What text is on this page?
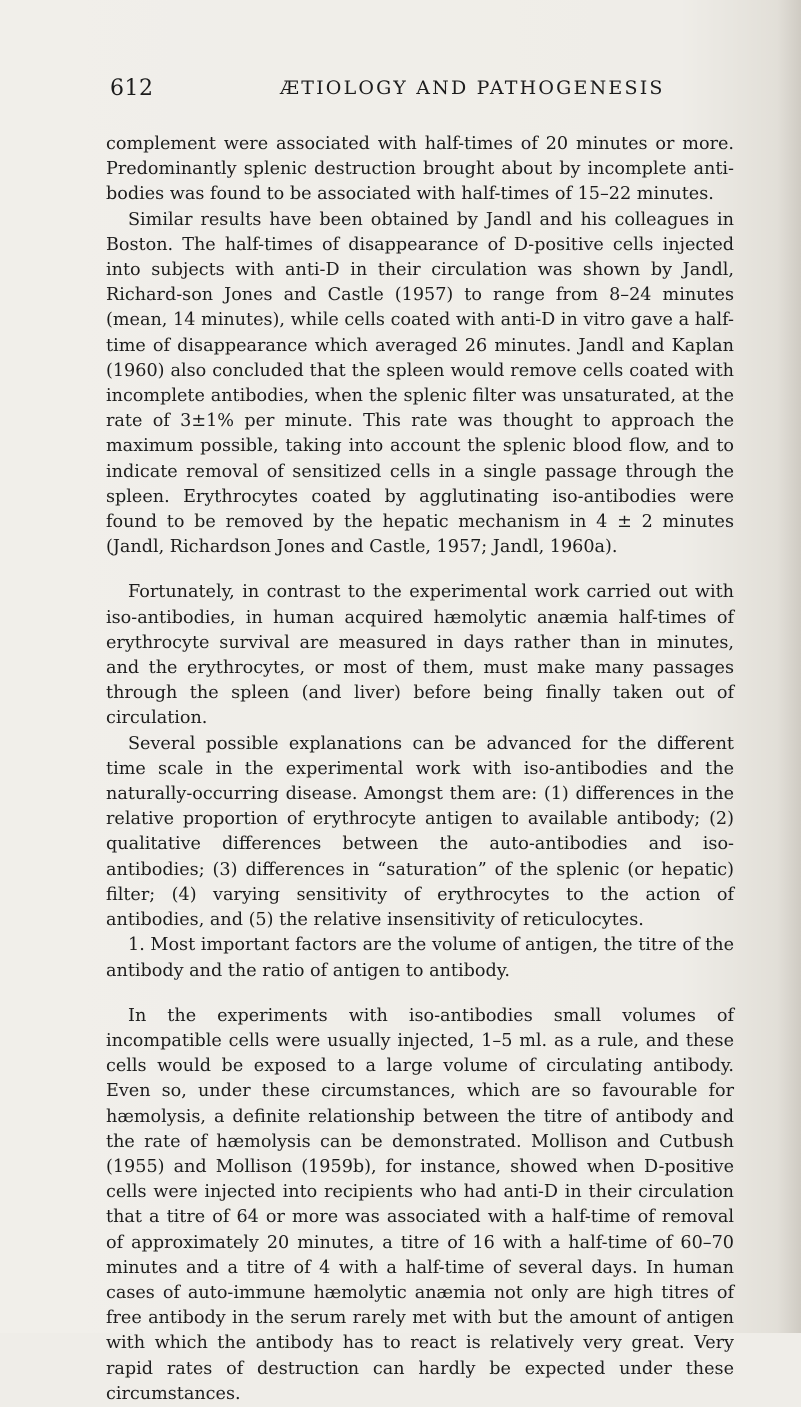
612	ÆTIOLOGY AND PATHOGENESIS

complement were associated with half-times of 20 minutes or more. Predominantly splenic destruction brought about by incomplete anti-bodies was found to be associated with half-times of 15–22 minutes.

Similar results have been obtained by Jandl and his colleagues in Boston. The half-times of disappearance of D-positive cells injected into subjects with anti-D in their circulation was shown by Jandl, Richard-son Jones and Castle (1957) to range from 8–24 minutes (mean, 14 minutes), while cells coated with anti-D in vitro gave a half-time of disappearance which averaged 26 minutes. Jandl and Kaplan (1960) also concluded that the spleen would remove cells coated with incomplete antibodies, when the splenic filter was unsaturated, at the rate of 3±1% per minute. This rate was thought to approach the maximum possible, taking into account the splenic blood flow, and to indicate removal of sensitized cells in a single passage through the spleen. Erythrocytes coated by agglutinating iso-antibodies were found to be removed by the hepatic mechanism in 4 ± 2 minutes (Jandl, Richardson Jones and Castle, 1957; Jandl, 1960a).

Fortunately, in contrast to the experimental work carried out with iso-antibodies, in human acquired hæmolytic anæmia half-times of erythrocyte survival are measured in days rather than in minutes, and the erythrocytes, or most of them, must make many passages through the spleen (and liver) before being finally taken out of circulation.

Several possible explanations can be advanced for the different time scale in the experimental work with iso-antibodies and the naturally-occurring disease. Amongst them are: (1) differences in the relative proportion of erythrocyte antigen to available antibody; (2) qualitative differences between the auto-antibodies and iso-antibodies; (3) differences in “saturation” of the splenic (or hepatic) filter; (4) varying sensitivity of erythrocytes to the action of antibodies, and (5) the relative insensitivity of reticulocytes.

1. Most important factors are the volume of antigen, the titre of the antibody and the ratio of antigen to antibody.

In the experiments with iso-antibodies small volumes of incompatible cells were usually injected, 1–5 ml. as a rule, and these cells would be exposed to a large volume of circulating antibody. Even so, under these circumstances, which are so favourable for hæmolysis, a definite relationship between the titre of antibody and the rate of hæmolysis can be demonstrated. Mollison and Cutbush (1955) and Mollison (1959b), for instance, showed when D-positive cells were injected into recipients who had anti-D in their circulation that a titre of 64 or more was associated with a half-time of removal of approximately 20 minutes, a titre of 16 with a half-time of 60–70 minutes and a titre of 4 with a half-time of several days. In human cases of auto-immune hæmolytic anæmia not only are high titres of free antibody in the serum rarely met with but the amount of antigen with which the antibody has to react is relatively very great. Very rapid rates of destruction can hardly be expected under these circumstances.
